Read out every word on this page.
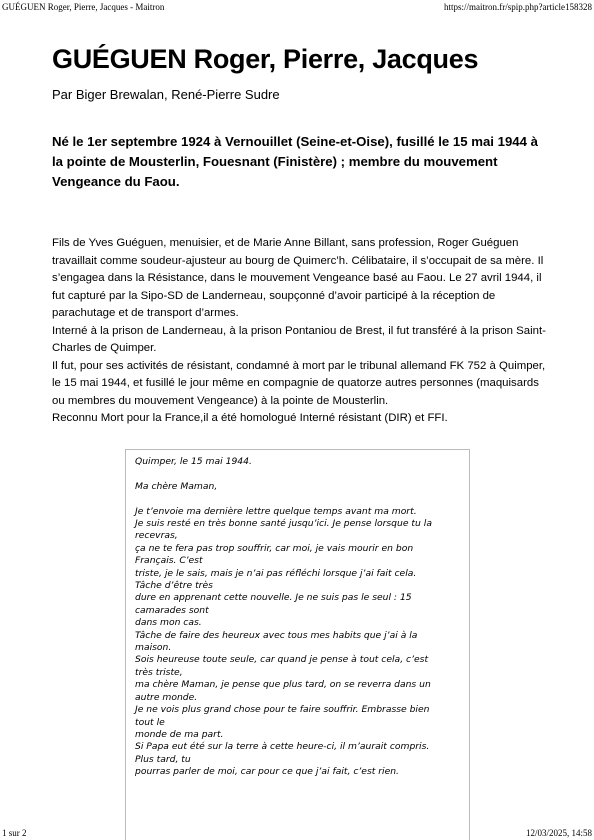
GUÉGUEN Roger, Pierre, Jacques - Maitron	https://maitron.fr/spip.php?article158328
GUÉGUEN Roger, Pierre, Jacques

Par Biger Brewalan, René-Pierre Sudre

Né le 1er septembre 1924 à Vernouillet (Seine-et-Oise), fusillé le 15 mai 1944 à la pointe de Mousterlin, Fouesnant (Finistère) ; membre du mouvement Vengeance du Faou.

Fils de Yves Guéguen, menuisier, et de Marie Anne Billant, sans profession, Roger Guéguen travaillait comme soudeur-ajusteur au bourg de Quimerc’h. Célibataire, il s’occupait de sa mère. Il s’engagea dans la Résistance, dans le mouvement Vengeance basé au Faou. Le 27 avril 1944, il fut capturé par la Sipo-SD de Landerneau, soupçonné d’avoir participé à la réception de parachutage et de transport d’armes.

Interné à la prison de Landerneau, à la prison Pontaniou de Brest, il fut transféré à la prison Saint-Charles de Quimper.

Il fut, pour ses activités de résistant, condamné à mort par le tribunal allemand FK 752 à Quimper, le 15 mai 1944, et fusillé le jour même en compagnie de quatorze autres personnes (maquisards ou membres du mouvement Vengeance) à la pointe de Mousterlin.

Reconnu Mort pour la France,il a été homologué Interné résistant (DIR) et FFI.

Quimper, le 15 mai 1944.

Ma chère Maman,

Je t’envoie ma dernière lettre quelque temps avant ma mort.
Je suis resté en très bonne santé jusqu’ici. Je pense lorsque tu la
recevras,
ça ne te fera pas trop souffrir, car moi, je vais mourir en bon
Français. C’est
triste, je le sais, mais je n’ai pas réfléchi lorsque j’ai fait cela.
Tâche d’être très
dure en apprenant cette nouvelle. Je ne suis pas le seul : 15
camarades sont
dans mon cas.
Tâche de faire des heureux avec tous mes habits que j’ai à la
maison.
Sois heureuse toute seule, car quand je pense à tout cela, c’est
très triste,
ma chère Maman, je pense que plus tard, on se reverra dans un
autre monde.
Je ne vois plus grand chose pour te faire souffrir. Embrasse bien
tout le
monde de ma part.
Si Papa eut été sur la terre à cette heure-ci, il m’aurait compris.
Plus tard, tu
pourras parler de moi, car pour ce que j’ai fait, c’est rien.
1 sur 2	12/03/2025, 14:58
